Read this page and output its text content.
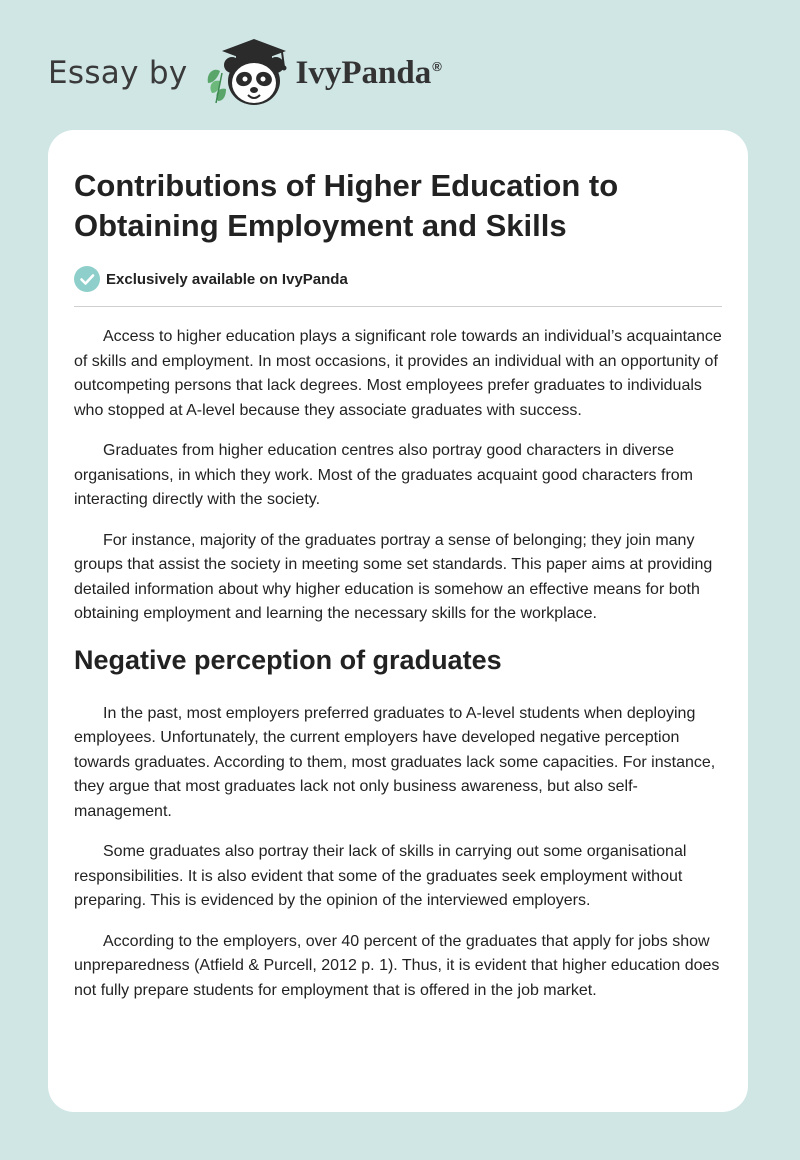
Essay by	IvyPanda®
Contributions of Higher Education to
Obtaining Employment and Skills
Exclusively available on IvyPanda

Access to higher education plays a significant role towards an individual’s acquaintance of skills and employment. In most occasions, it provides an individual with an opportunity of outcompeting persons that lack degrees. Most employees prefer graduates to individuals who stopped at A-level because they associate graduates with success.

Graduates from higher education centres also portray good characters in diverse organisations, in which they work. Most of the graduates acquaint good characters from interacting directly with the society.

For instance, majority of the graduates portray a sense of belonging; they join many groups that assist the society in meeting some set standards. This paper aims at providing detailed information about why higher education is somehow an effective means for both obtaining employment and learning the necessary skills for the workplace.

Negative perception of graduates

In the past, most employers preferred graduates to A-level students when deploying employees. Unfortunately, the current employers have developed negative perception towards graduates. According to them, most graduates lack some capacities. For instance, they argue that most graduates lack not only business awareness, but also self-management.

Some graduates also portray their lack of skills in carrying out some organisational responsibilities. It is also evident that some of the graduates seek employment without preparing. This is evidenced by the opinion of the interviewed employers.

According to the employers, over 40 percent of the graduates that apply for jobs show unpreparedness (Atfield & Purcell, 2012 p. 1). Thus, it is evident that higher education does not fully prepare students for employment that is offered in the job market.
